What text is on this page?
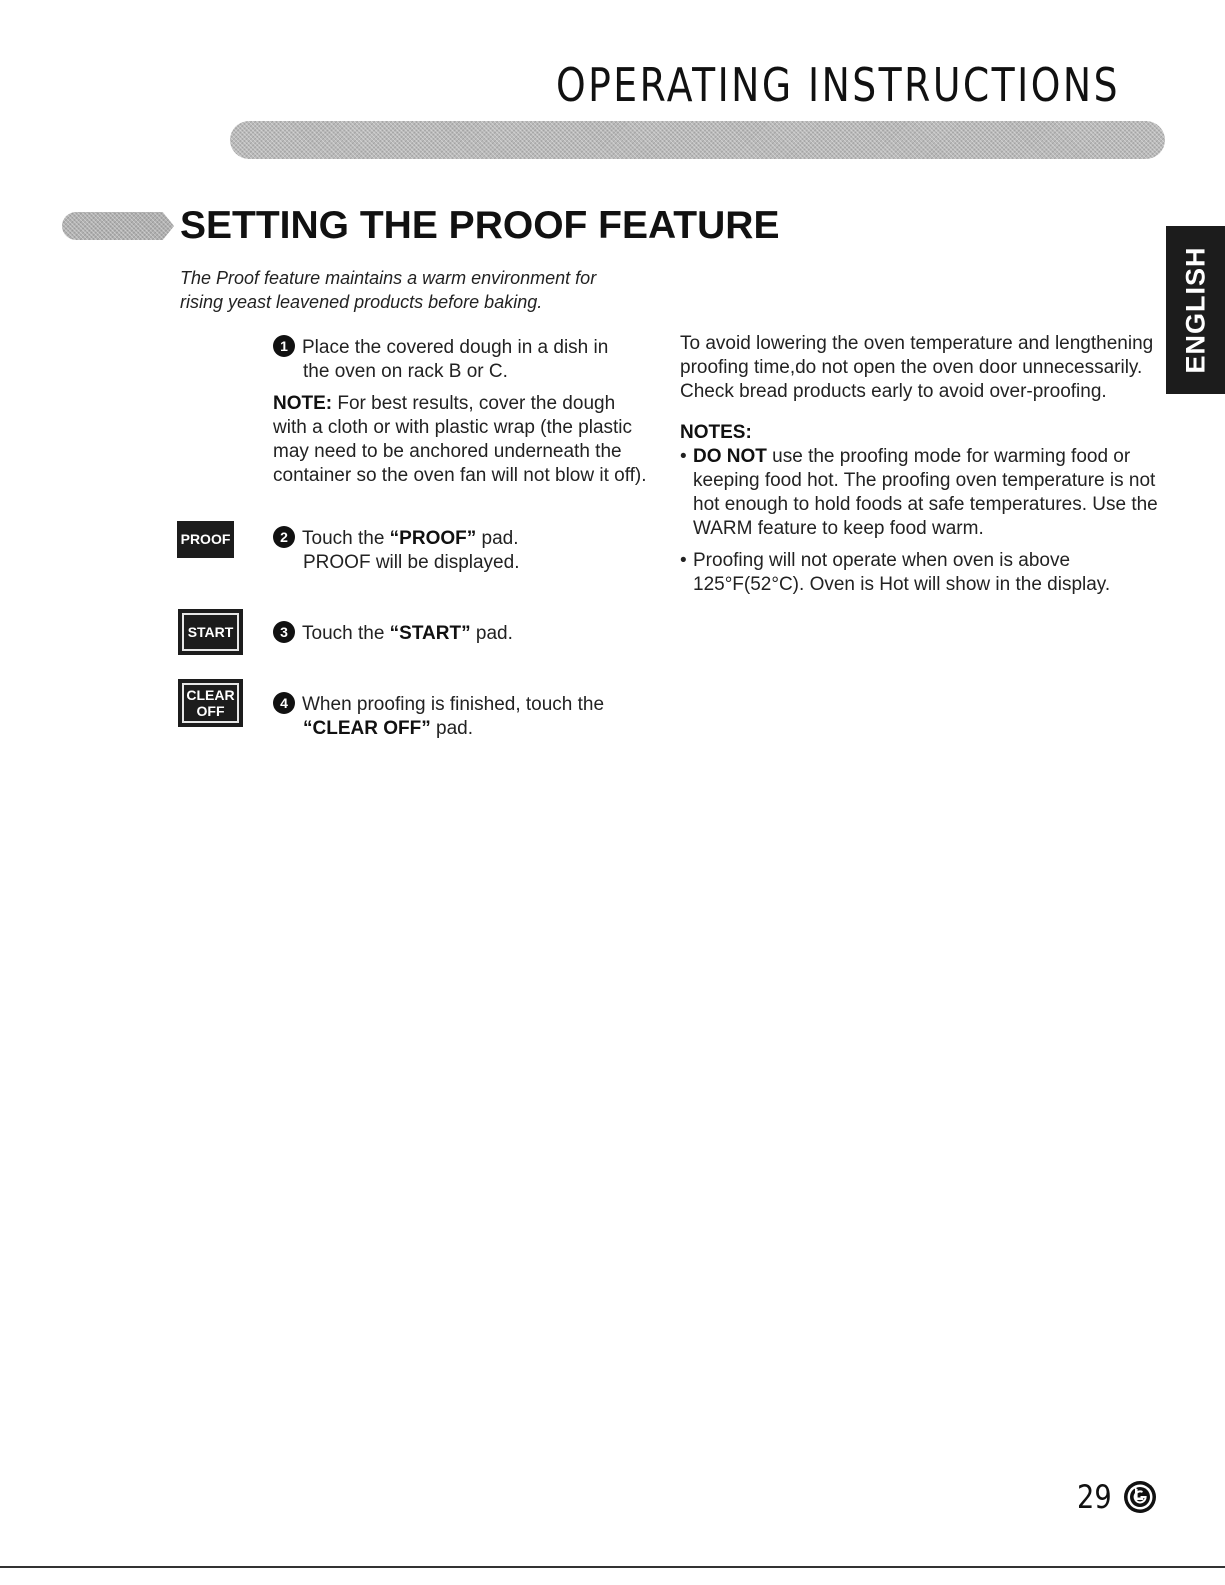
OPERATING INSTRUCTIONS
SETTING THE PROOF FEATURE
ENGLISH
The Proof feature maintains a warm environment for
rising yeast leavened products before baking.
1 Place the covered dough in a dish in
the oven on rack B or C.
NOTE: For best results, cover the dough with a cloth or with plastic wrap (the plastic may need to be anchored underneath the container so the oven fan will not blow it off).
PROOF	2 Touch the “PROOF” pad.
PROOF will be displayed.
START	3 Touch the “START” pad.
CLEAR
OFF
4 When proofing is finished, touch the
“CLEAR OFF” pad.
To avoid lowering the oven temperature and lengthening proofing time,do not open the oven door unnecessarily. Check bread products early to avoid over-proofing.
NOTES:
• DO NOT use the proofing mode for warming food or keeping food hot. The proofing oven temperature is not hot enough to hold foods at safe temperatures. Use the WARM feature to keep food warm.
• Proofing will not operate when oven is above 125°F(52°C). Oven is Hot will show in the display.
29
